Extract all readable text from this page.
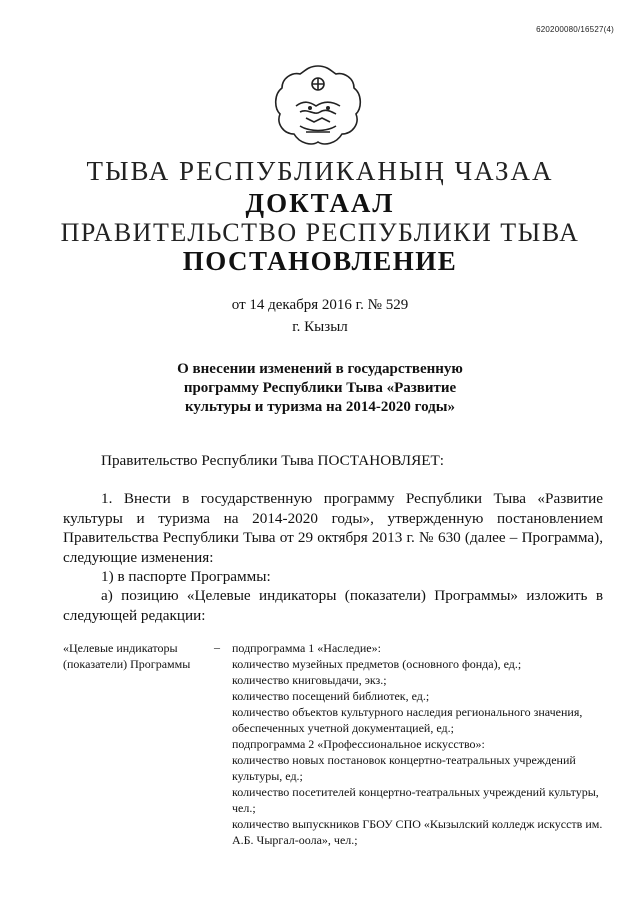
620200080/16527(4)
ТЫВА РЕСПУБЛИКАНЫҢ ЧАЗАА
ДОКТААЛ
ПРАВИТЕЛЬСТВО РЕСПУБЛИКИ ТЫВА
ПОСТАНОВЛЕНИЕ
от 14 декабря 2016 г. № 529
г. Кызыл
О внесении изменений в государственную
программу Республики Тыва «Развитие
культуры и туризма на 2014-2020 годы»
Правительство Республики Тыва ПОСТАНОВЛЯЕТ:
1. Внести в государственную программу Республики Тыва «Развитие культуры и туризма на 2014-2020 годы», утвержденную постановлением Правительства Республики Тыва от 29 октября 2013 г. № 630 (далее – Программа), следующие изменения:
1) в паспорте Программы:
а) позицию «Целевые индикаторы (показатели) Программы» изложить в следующей редакции:
«Целевые индикаторы
(показатели) Программы
– подпрограмма 1 «Наследие»:
количество музейных предметов (основного фонда), ед.;
количество книговыдачи, экз.;
количество посещений библиотек, ед.;
количество объектов культурного наследия регионального значения, обеспеченных учетной документацией, ед.;
подпрограмма 2 «Профессиональное искусство»:
количество новых постановок концертно-театральных учреждений культуры, ед.;
количество посетителей концертно-театральных учреждений культуры, чел.;
количество выпускников ГБОУ СПО «Кызылский колледж искусств им. А.Б. Чыргал-оола», чел.;
